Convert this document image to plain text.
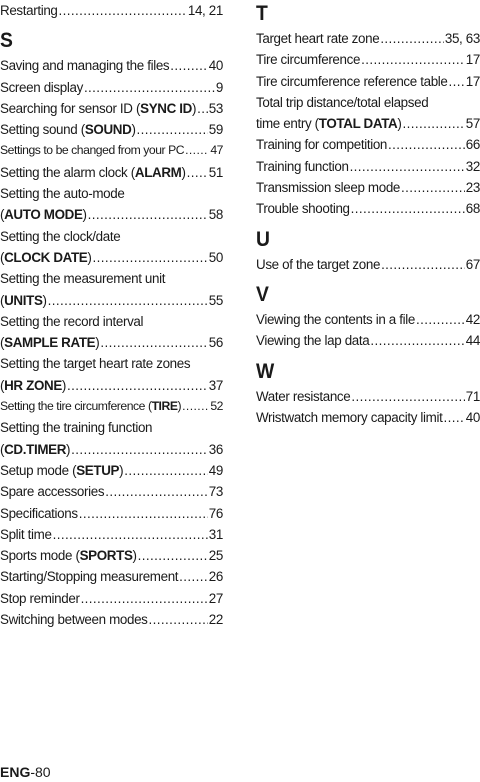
Restarting .....	14, 21
S
Saving and managing the files .....	40
Screen display .....	9
Searching for sensor ID (SYNC ID) ..... 53
Setting sound (SOUND) .....	59
Settings to be changed from your PC ..... 47
Setting the alarm clock (ALARM) ..... 51
Setting the auto-mode
(AUTO MODE) .....	58
Setting the clock/date
(CLOCK DATE) .....	50
Setting the measurement unit
(UNITS) .....	55
Setting the record interval
(SAMPLE RATE) .....	56
Setting the target heart rate zones
(HR ZONE) .....	37
Setting the tire circumference (TIRE) ..... 52
Setting the training function
(CD.TIMER) .....	36
Setup mode (SETUP) .....	49
Spare accessories .....	73
Specifications .....	76
Split time .....	31
Sports mode (SPORTS) .....	25
Starting/Stopping measurement ..... 26
Stop reminder .....	27
Switching between modes .....	22
T
Target heart rate zone .....	35, 63
Tire circumference .....	17
Tire circumference reference table ..... 17
Total trip distance/total elapsed
time entry (TOTAL DATA) .....	57
Training for competition .....	66
Training function .....	32
Transmission sleep mode .....	23
Trouble shooting .....	68
U
Use of the target zone .....	67
V
Viewing the contents in a file .....	42
Viewing the lap data .....	44
W
Water resistance .....	71
Wristwatch memory capacity limit ..... 40
ENG-80
